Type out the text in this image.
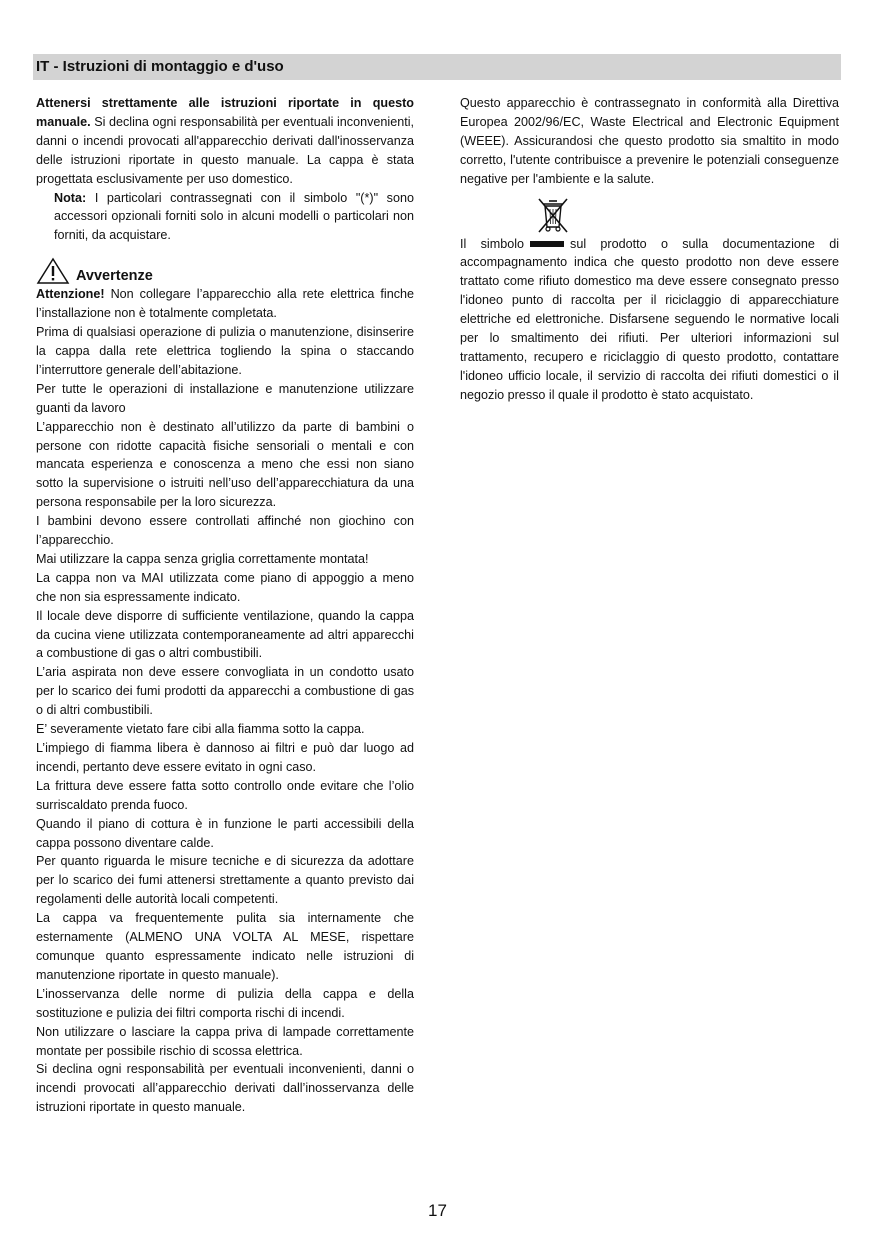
IT - Istruzioni di montaggio e d'uso

Attenersi strettamente alle istruzioni riportate in questo manuale. Si declina ogni responsabilità per eventuali inconvenienti, danni o incendi provocati all'apparecchio derivati dall'inosservanza delle istruzioni riportate in questo manuale. La cappa è stata progettata esclusivamente per uso domestico.

Nota: I particolari contrassegnati con il simbolo "(*)" sono accessori opzionali forniti solo in alcuni modelli o particolari non forniti, da acquistare.

Avvertenze

Attenzione! Non collegare l’apparecchio alla rete elettrica finche l’installazione non è totalmente completata.

Prima di qualsiasi operazione di pulizia o manutenzione, disinserire la cappa dalla rete elettrica togliendo la spina o staccando l’interruttore generale dell’abitazione.

Per tutte le operazioni di installazione e manutenzione utilizzare guanti da lavoro

L’apparecchio non è destinato all’utilizzo da parte di bambini o persone con ridotte capacità fisiche sensoriali o mentali e con mancata esperienza e conoscenza a meno che essi non siano sotto la supervisione o istruiti nell’uso dell’apparecchiatura da una persona responsabile per la loro sicurezza.

I bambini devono essere controllati affinché non giochino con l’apparecchio.

Mai utilizzare la cappa senza griglia correttamente montata!

La cappa non va MAI utilizzata come piano di appoggio a meno che non sia espressamente indicato.

Il locale deve disporre di sufficiente ventilazione, quando la cappa da cucina viene utilizzata contemporaneamente ad altri apparecchi a combustione di gas o altri combustibili.

L’aria aspirata non deve essere convogliata in un condotto usato per lo scarico dei fumi prodotti da apparecchi a combustione di gas o di altri combustibili.

E’ severamente vietato fare cibi alla fiamma sotto la cappa.

L’impiego di fiamma libera è dannoso ai filtri e può dar luogo ad incendi, pertanto deve essere evitato in ogni caso.

La frittura deve essere fatta sotto controllo onde evitare che l’olio surriscaldato prenda fuoco.

Quando il piano di cottura è in funzione le parti accessibili della cappa possono diventare calde.

Per quanto riguarda le misure tecniche e di sicurezza da adottare per lo scarico dei fumi attenersi strettamente a quanto previsto dai regolamenti delle autorità locali competenti.

La cappa va frequentemente pulita sia internamente che esternamente (ALMENO UNA VOLTA AL MESE, rispettare comunque quanto espressamente indicato nelle istruzioni di manutenzione riportate in questo manuale).

L’inosservanza delle norme di pulizia della cappa e della sostituzione e pulizia dei filtri comporta rischi di incendi.

Non utilizzare o lasciare la cappa priva di lampade correttamente montate per possibile rischio di scossa elettrica.

Si declina ogni responsabilità per eventuali inconvenienti, danni o incendi provocati all’apparecchio derivati dall’inosservanza delle istruzioni riportate in questo manuale.

Questo apparecchio è contrassegnato in conformità alla Direttiva Europea 2002/96/EC, Waste Electrical and Electronic Equipment (WEEE). Assicurandosi che questo prodotto sia smaltito in modo corretto, l'utente contribuisce a prevenire le potenziali conseguenze negative per l'ambiente e la salute.

Il simbolo	sul prodotto o sulla documentazione di accompagnamento indica che questo prodotto non deve essere trattato come rifiuto domestico ma deve essere consegnato presso l'idoneo punto di raccolta per il riciclaggio di apparecchiature elettriche ed elettroniche. Disfarsene seguendo le normative locali per lo smaltimento dei rifiuti. Per ulteriori informazioni sul trattamento, recupero e riciclaggio di questo prodotto, contattare l'idoneo ufficio locale, il servizio di raccolta dei rifiuti domestici o il negozio presso il quale il prodotto è stato acquistato.

17
